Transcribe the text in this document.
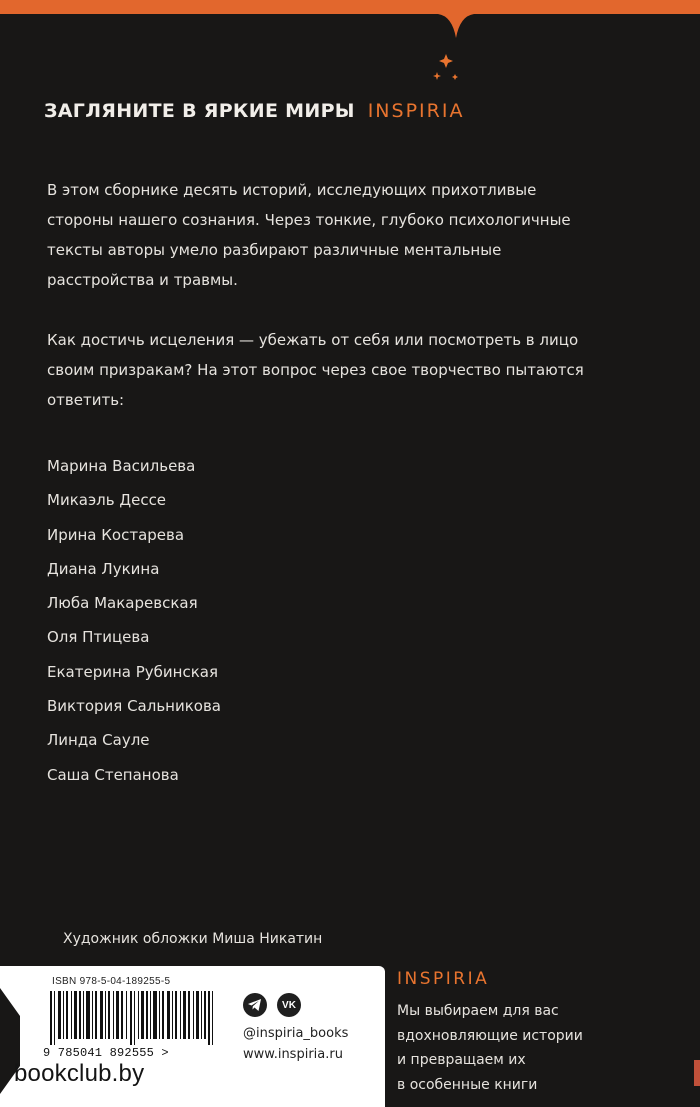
ЗАГЛЯНИТЕ В ЯРКИЕ МИРЫ INSPIRIA

В этом сборнике десять историй, исследующих прихотливые стороны нашего сознания. Через тонкие, глубоко психологичные тексты авторы умело разбирают различные ментальные расстройства и травмы.

Как достичь исцеления — убежать от себя или посмотреть в лицо своим призракам? На этот вопрос через свое творчество пытаются ответить:

Марина Васильева
Микаэль Дессе
Ирина Костарева
Диана Лукина
Люба Макаревская
Оля Птицева
Екатерина Рубинская
Виктория Сальникова
Линда Сауле
Саша Степанова
Художник обложки Миша Никатин
ISBN 978-5-04-189255-5
9 785041 892555 >
VK
@inspiria_books
www.inspiria.ru
bookclub.by
INSPIRIA
Мы выбираем для вас
вдохновляющие истории
и превращаем их
в особенные книги
